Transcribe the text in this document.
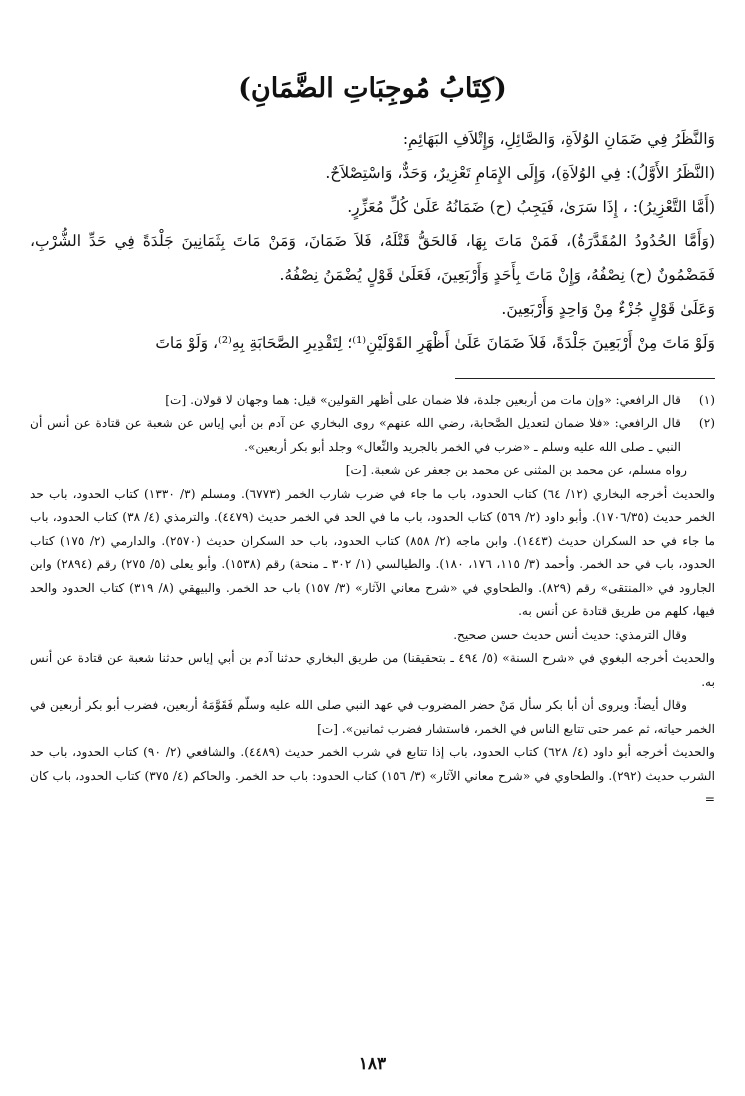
(كِتَابُ مُوجِبَاتِ الضَّمَانِ)

وَالنَّظَرُ فِي ضَمَانِ الوُلاَةِ، وَالصَّائِلِ، وَإِتْلاَفِ البَهَائِمِ:

(النَّظَرُ الأَوَّلُ): فِي الوُلاَةِ)، وَإِلَى الإِمَامِ تَعْزِيرٌ، وَحَدٌّ، وَاسْتِصْلاَحٌ.

(أَمَّا التَّعْزِيرُ): ، إِذَا سَرَىٰ، فَيَجِبُ (ح) ضَمَانُهُ عَلَىٰ كُلِّ مُعَزِّرٍ.

(وَأَمَّا الحُدُودُ المُقَدَّرَةُ)، فَمَنْ مَاتَ بِهَا، فَالحَقُّ قَتْلَهُ، فَلاَ ضَمَانَ، وَمَنْ مَاتَ بِثَمَانِينَ جَلْدَةً فِي حَدِّ الشُّرْبِ، فَمَضْمُونٌ (ح) نِصْفُهُ، وَإِنْ مَاتَ بِأَحَدٍ وَأَرْبَعِينَ، فَعَلَىٰ قَوْلٍ يُضْمَنُ نِصْفُهُ.

وَعَلَىٰ قَوْلٍ جُزْءٌ مِنْ وَاحِدٍ وَأَرْبَعِينَ.

وَلَوْ مَاتَ مِنْ أَرْبَعِينَ جَلْدَةً، فَلاَ ضَمَانَ عَلَىٰ أَظْهَرِ القَوْلَيْنِ⁽¹⁾؛ لِتَقْدِيرِ الصَّحَابَةِ بِهِ⁽²⁾، وَلَوْ مَاتَ

(١)
قال الرافعي: «وإن مات من أربعين جلدة، فلا ضمان على أظهر القولين» قيل: هما وجهان لا قولان. [ت]
(٢)
قال الرافعي: «فلا ضمان لتعديل الصَّحابة، رضي الله عنهم» روى البخاري عن آدم بن أبي إياس عن شعبة عن قتادة عن أنس أن النبي ـ صلى الله عليه وسلم ـ «ضرب في الخمر بالجريد والنِّعال» وجلد أبو بكر أربعين».

رواه مسلم، عن محمد بن المثنى عن محمد بن جعفر عن شعبة. [ت]

والحديث أخرجه البخاري (١٢/ ٦٤) كتاب الحدود، باب ما جاء في ضرب شارب الخمر (٦٧٧٣). ومسلم (٣/ ١٣٣٠) كتاب الحدود، باب حد الخمر حديث (١٧٠٦/٣٥). وأبو داود (٢/ ٥٦٩) كتاب الحدود، باب ما في الحد في الخمر حديث (٤٤٧٩). والترمذي (٤/ ٣٨) كتاب الحدود، باب ما جاء في حد السكران حديث (١٤٤٣). وابن ماجه (٢/ ٨٥٨) كتاب الحدود، باب حد السكران حديث (٢٥٧٠). والدارمي (٢/ ١٧٥) كتاب الحدود، باب في حد الخمر. وأحمد (٣/ ١١٥، ١٧٦، ١٨٠). والطيالسي (١/ ٣٠٢ ـ منحة) رقم (١٥٣٨). وأبو يعلى (٥/ ٢٧٥) رقم (٢٨٩٤) وابن الجارود في «المنتقى» رقم (٨٢٩). والطحاوي في «شرح معاني الآثار» (٣/ ١٥٧) باب حد الخمر. والبيهقي (٨/ ٣١٩) كتاب الحدود والحد فيها، كلهم من طريق قتادة عن أنس به.

وقال الترمذي: حديث أنس حديث حسن صحيح.

والحديث أخرجه البغوي في «شرح السنة» (٥/ ٤٩٤ ـ بتحقيقنا) من طريق البخاري حدثنا آدم بن أبي إياس حدثنا شعبة عن قتادة عن أنس به.

وقال أيضاً: ويروى أن أبا بكر سأل مَنْ حضر المضروب في عهد النبي صلى الله عليه وسلّم فَقَوَّمَهُ أربعين، فضرب أبو بكر أربعين في الخمر حياته، ثم عمر حتى تتابع الناس في الخمر، فاستشار فضرب ثمانين». [ت]

والحديث أخرجه أبو داود (٤/ ٦٢٨) كتاب الحدود، باب إذا تتابع في شرب الخمر حديث (٤٤٨٩). والشافعي (٢/ ٩٠) كتاب الحدود، باب حد الشرب حديث (٢٩٢). والطحاوي في «شرح معاني الآثار» (٣/ ١٥٦) كتاب الحدود: باب حد الخمر. والحاكم (٤/ ٣٧٥) كتاب الحدود، باب كان =

١٨٣
